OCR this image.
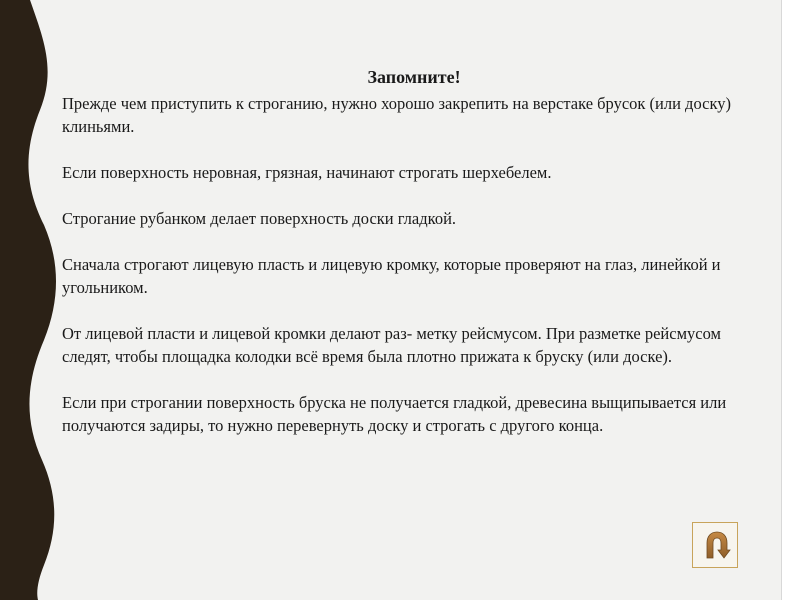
Запомните!

Прежде чем приступить к строганию, нужно хорошо закрепить на верстаке брусок (или доску) клиньями.

Если поверхность неровная, грязная, начинают строгать шерхебелем.

Строгание рубанком делает поверхность доски гладкой.

Сначала строгают лицевую пласть и лицевую кромку, которые проверяют на глаз, линейкой и угольником.

От лицевой пласти и лицевой кромки делают раз- метку рейсмусом. При разметке рейсмусом следят, чтобы площадка колодки всё время была плотно прижата к бруску (или доске).

Если при строгании поверхность бруска не получается гладкой, древесина выщипывается или получаются задиры, то нужно перевернуть доску и строгать с другого конца.
